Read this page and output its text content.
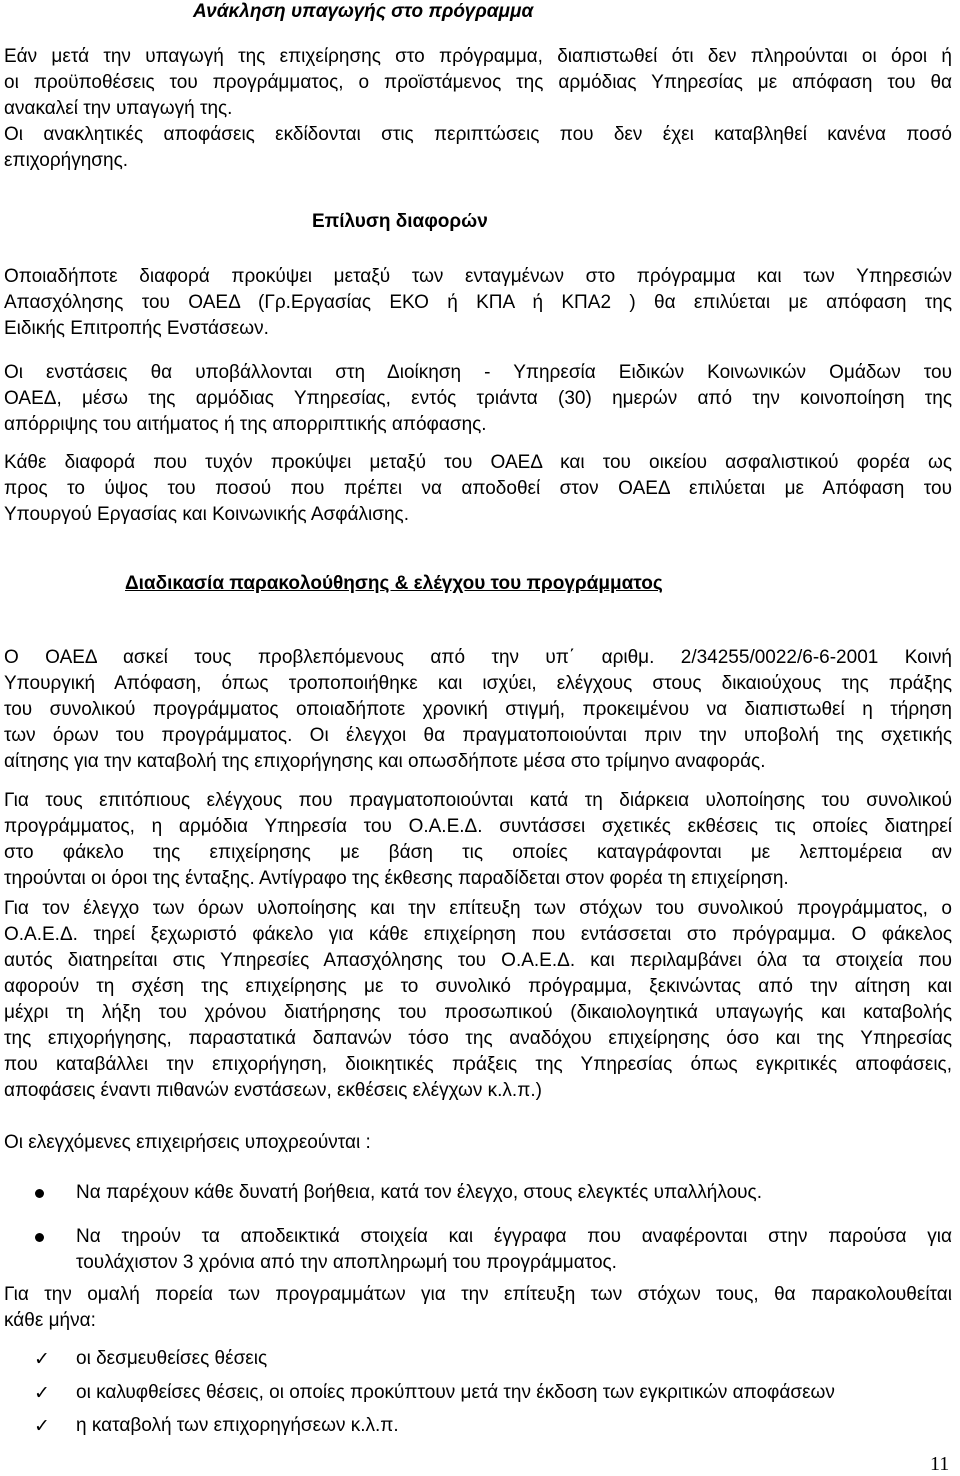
Ανάκληση υπαγωγής στο πρόγραμμα
Εάν μετά την υπαγωγή της επιχείρησης στο πρόγραμμα, διαπιστωθεί ότι δεν πληρούνται οι όροι ή
οι προϋποθέσεις του προγράμματος, ο προϊστάμενος της αρμόδιας Υπηρεσίας με απόφαση του θα
ανακαλεί την υπαγωγή της.
Οι ανακλητικές αποφάσεις εκδίδονται στις περιπτώσεις που δεν έχει καταβληθεί κανένα ποσό
επιχορήγησης.
Επίλυση διαφορών
Οποιαδήποτε διαφορά προκύψει μεταξύ των ενταγμένων στο πρόγραμμα και των Υπηρεσιών
Απασχόλησης του ΟΑΕΔ (Γρ.Εργασίας ΕΚΟ ή ΚΠΑ ή ΚΠΑ2 ) θα επιλύεται με απόφαση της
Ειδικής Επιτροπής Ενστάσεων.
Οι ενστάσεις θα υποβάλλονται στη Διοίκηση - Υπηρεσία Ειδικών Κοινωνικών Ομάδων του
ΟΑΕΔ, μέσω της αρμόδιας Υπηρεσίας, εντός τριάντα (30) ημερών από την κοινοποίηση της
απόρριψης του αιτήματος ή της απορριπτικής απόφασης.
Κάθε διαφορά που τυχόν προκύψει μεταξύ του ΟΑΕΔ και του οικείου ασφαλιστικού φορέα ως
προς το ύψος του ποσού που πρέπει να αποδοθεί στον ΟΑΕΔ επιλύεται με Απόφαση του
Υπουργού Εργασίας και Κοινωνικής Ασφάλισης.
Διαδικασία παρακολούθησης & ελέγχου του προγράμματος
Ο ΟΑΕΔ ασκεί τους προβλεπόμενους από την υπ΄ αριθμ. 2/34255/0022/6-6-2001 Κοινή
Υπουργική Απόφαση, όπως τροποποιήθηκε και ισχύει, ελέγχους στους δικαιούχους της πράξης
του συνολικού προγράμματος οποιαδήποτε χρονική στιγμή, προκειμένου να διαπιστωθεί η τήρηση
των όρων του προγράμματος. Οι έλεγχοι θα πραγματοποιούνται πριν την υποβολή της σχετικής
αίτησης για την καταβολή της επιχορήγησης και οπωσδήποτε μέσα στο τρίμηνο αναφοράς.
Για τους επιτόπιους ελέγχους που πραγματοποιούνται κατά τη διάρκεια υλοποίησης του συνολικού
προγράμματος, η αρμόδια Υπηρεσία του Ο.Α.Ε.Δ. συντάσσει σχετικές εκθέσεις τις οποίες διατηρεί
στο φάκελο της επιχείρησης με βάση τις οποίες καταγράφονται με λεπτομέρεια αν
τηρούνται οι όροι της ένταξης. Αντίγραφο της έκθεσης παραδίδεται στον φορέα τη επιχείρηση.
Για τον έλεγχο των όρων υλοποίησης και την επίτευξη των στόχων του συνολικού προγράμματος, ο
Ο.Α.Ε.Δ. τηρεί ξεχωριστό φάκελο για κάθε επιχείρηση που εντάσσεται στο πρόγραμμα. Ο φάκελος
αυτός διατηρείται στις Υπηρεσίες Απασχόλησης του Ο.Α.Ε.Δ. και περιλαμβάνει όλα τα στοιχεία που
αφορούν τη σχέση της επιχείρησης με το συνολικό πρόγραμμα, ξεκινώντας από την αίτηση και
μέχρι τη λήξη του χρόνου διατήρησης του προσωπικού (δικαιολογητικά υπαγωγής και καταβολής
της επιχορήγησης, παραστατικά δαπανών τόσο της αναδόχου επιχείρησης όσο και της Υπηρεσίας
που καταβάλλει την επιχορήγηση, διοικητικές πράξεις της Υπηρεσίας όπως εγκριτικές αποφάσεις,
αποφάσεις έναντι πιθανών ενστάσεων, εκθέσεις ελέγχων κ.λ.π.)
Οι ελεγχόμενες επιχειρήσεις υποχρεούνται :
Να παρέχουν κάθε δυνατή βοήθεια, κατά τον έλεγχο, στους ελεγκτές υπαλλήλους.
Να τηρούν τα αποδεικτικά στοιχεία και έγγραφα που αναφέρονται στην παρούσα για
τουλάχιστον 3 χρόνια από την αποπληρωμή του προγράμματος.
Για την ομαλή πορεία των προγραμμάτων για την επίτευξη των στόχων τους, θα παρακολουθείται
κάθε μήνα:
✓ οι δεσμευθείσες θέσεις
✓ οι καλυφθείσες θέσεις, οι οποίες προκύπτουν μετά την έκδοση των εγκριτικών αποφάσεων
✓ η καταβολή των επιχορηγήσεων κ.λ.π.
11
